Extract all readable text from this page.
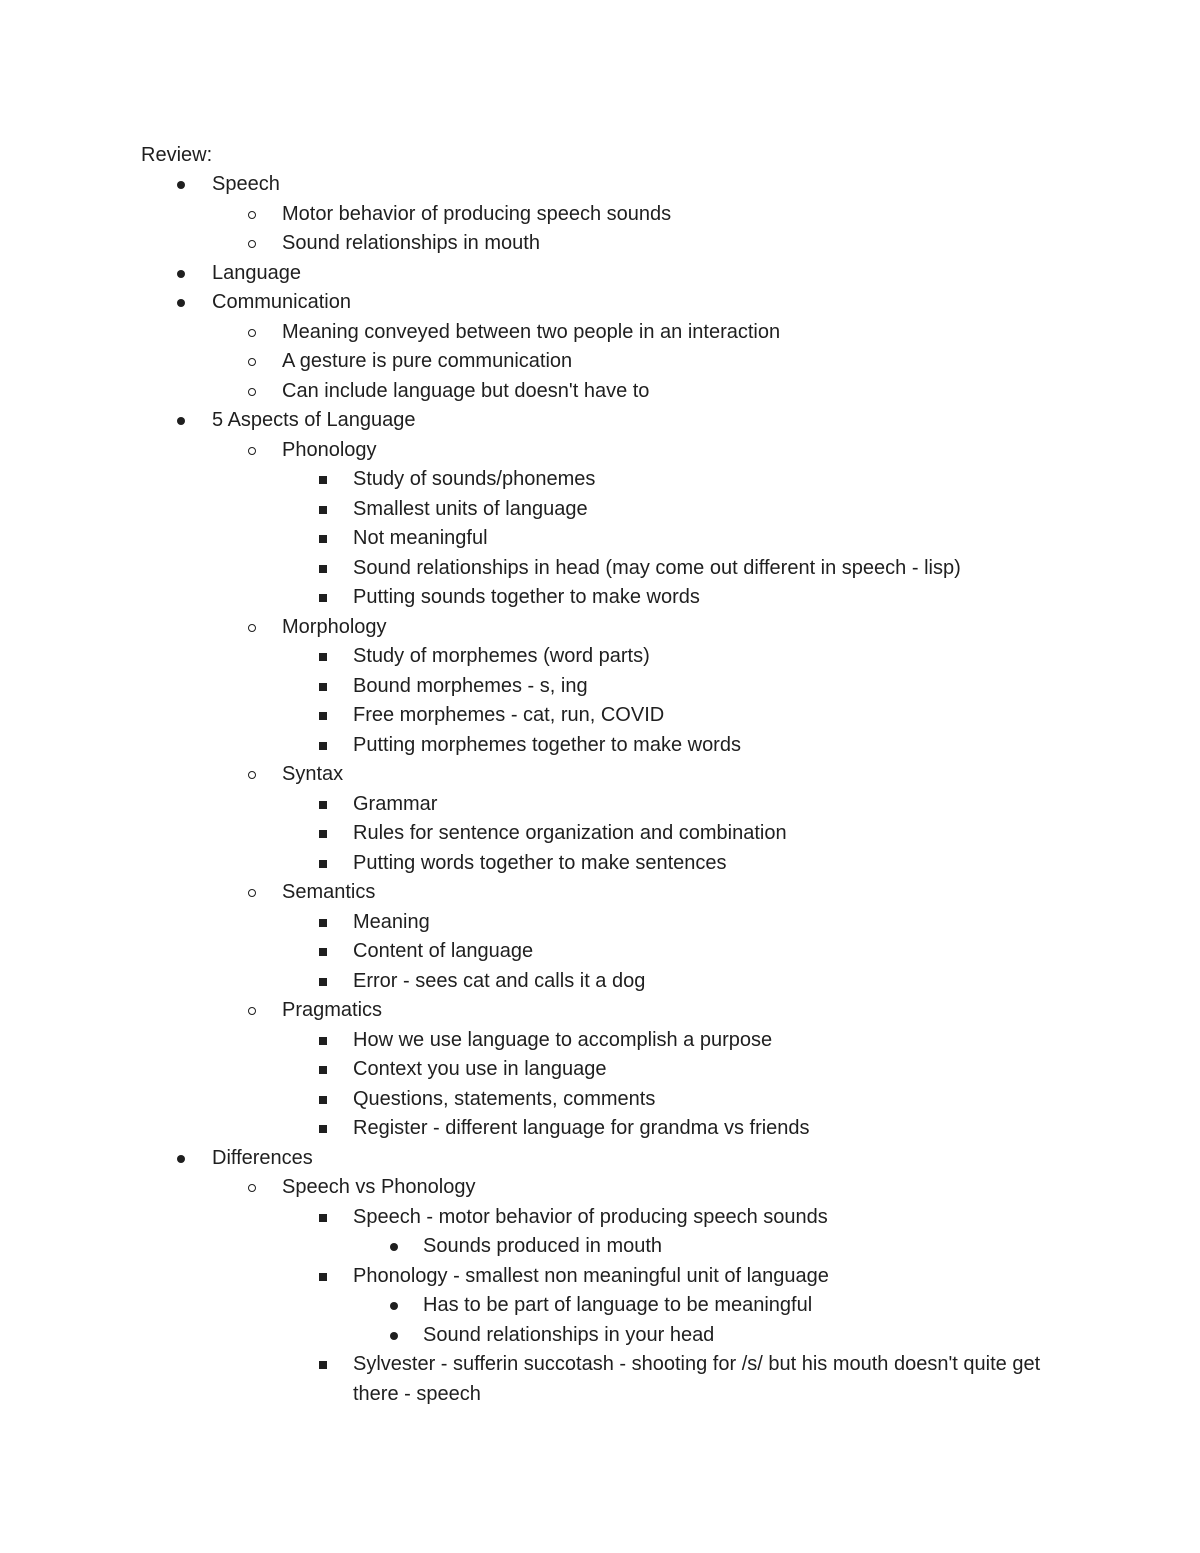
Review:
Speech
Motor behavior of producing speech sounds
Sound relationships in mouth
Language
Communication
Meaning conveyed between two people in an interaction
A gesture is pure communication
Can include language but doesn't have to
5 Aspects of Language
Phonology
Study of sounds/phonemes
Smallest units of language
Not meaningful
Sound relationships in head (may come out different in speech - lisp)
Putting sounds together to make words
Morphology
Study of morphemes (word parts)
Bound morphemes - s, ing
Free morphemes - cat, run, COVID
Putting morphemes together to make words
Syntax
Grammar
Rules for sentence organization and combination
Putting words together to make sentences
Semantics
Meaning
Content of language
Error - sees cat and calls it a dog
Pragmatics
How we use language to accomplish a purpose
Context you use in language
Questions, statements, comments
Register - different language for grandma vs friends
Differences
Speech vs Phonology
Speech - motor behavior of producing speech sounds
Sounds produced in mouth
Phonology - smallest non meaningful unit of language
Has to be part of language to be meaningful
Sound relationships in your head
Sylvester - sufferin succotash - shooting for /s/ but his mouth doesn't quite get there - speech
